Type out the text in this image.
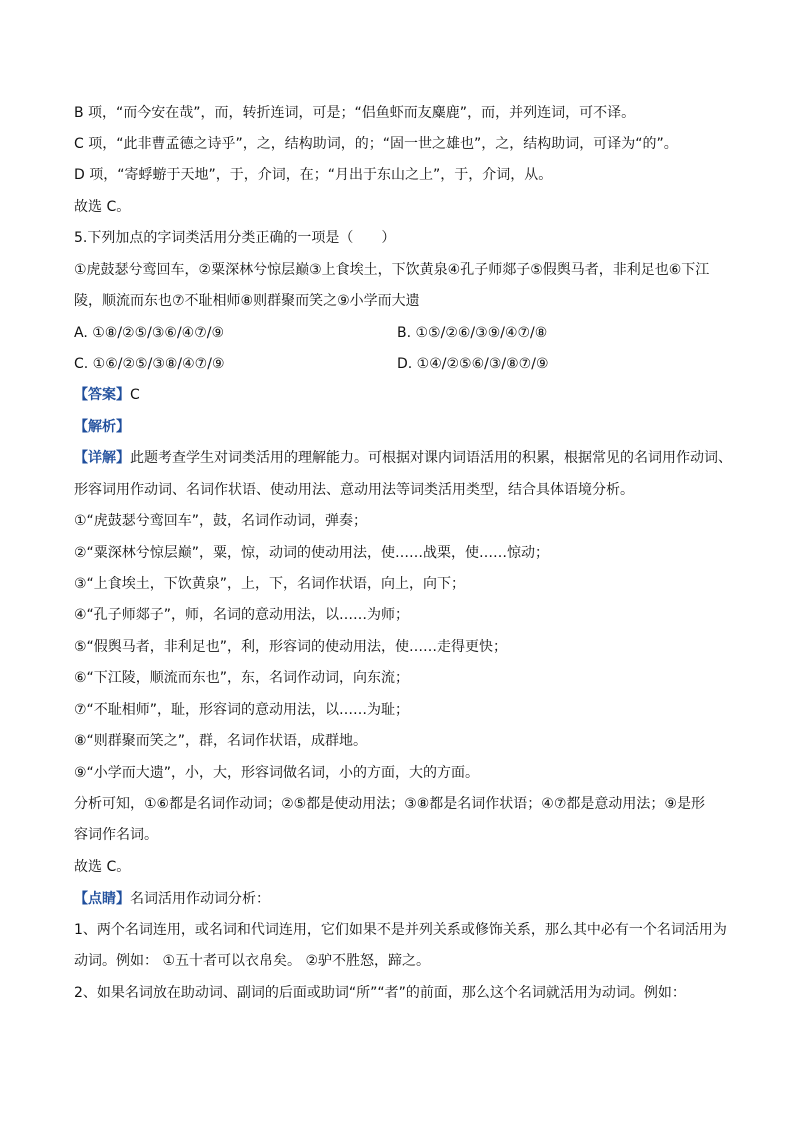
B 项，“而今安在哉”，而，转折连词，可是；“侣鱼虾而友麋鹿”，而，并列连词，可不译。
C 项，“此非曹孟德之诗乎”，之，结构助词，的；“固一世之雄也”，之，结构助词，可译为“的”。
D 项，“寄蜉蝣于天地”，于，介词，在；“月出于东山之上”，于，介词，从。
故选 C。
5.下列加点的字词类活用分类正确的一项是（　　）
①虎鼓瑟兮鸾回车，②粟深林兮惊层巅③上食埃土，下饮黄泉④孔子师郯子⑤假舆马者，非利足也⑥下江
陵，顺流而东也⑦不耻相师⑧则群聚而笑之⑨小学而大遗
A. ①⑧/②⑤/③⑥/④⑦/⑨	B. ①⑤/②⑥/③⑨/④⑦/⑧
C. ①⑥/②⑤/③⑧/④⑦/⑨	D. ①④/②⑤⑥/③/⑧⑦/⑨
【答案】C
【解析】
【详解】此题考查学生对词类活用的理解能力。可根据对课内词语活用的积累，根据常见的名词用作动词、
形容词用作动词、名词作状语、使动用法、意动用法等词类活用类型，结合具体语境分析。
①“虎鼓瑟兮鸾回车”，鼓，名词作动词，弹奏；
②“粟深林兮惊层巅”，粟，惊，动词的使动用法，使……战栗，使……惊动；
③“上食埃土，下饮黄泉”，上，下，名词作状语，向上，向下；
④“孔子师郯子”，师，名词的意动用法，以……为师；
⑤“假舆马者，非利足也”，利，形容词的使动用法，使……走得更快；
⑥“下江陵，顺流而东也”，东，名词作动词，向东流；
⑦“不耻相师”，耻，形容词的意动用法，以……为耻；
⑧“则群聚而笑之”，群，名词作状语，成群地。
⑨“小学而大遗”，小，大，形容词做名词，小的方面，大的方面。
分析可知，①⑥都是名词作动词；②⑤都是使动用法；③⑧都是名词作状语；④⑦都是意动用法；⑨是形
容词作名词。
故选 C。
【点睛】名词活用作动词分析：
1、两个名词连用，或名词和代词连用，它们如果不是并列关系或修饰关系，那么其中必有一个名词活用为
动词。例如： ①五十者可以衣帛矣。 ②驴不胜怒，蹄之。
2、如果名词放在助动词、副词的后面或助词“所”“者”的前面，那么这个名词就活用为动词。例如：
